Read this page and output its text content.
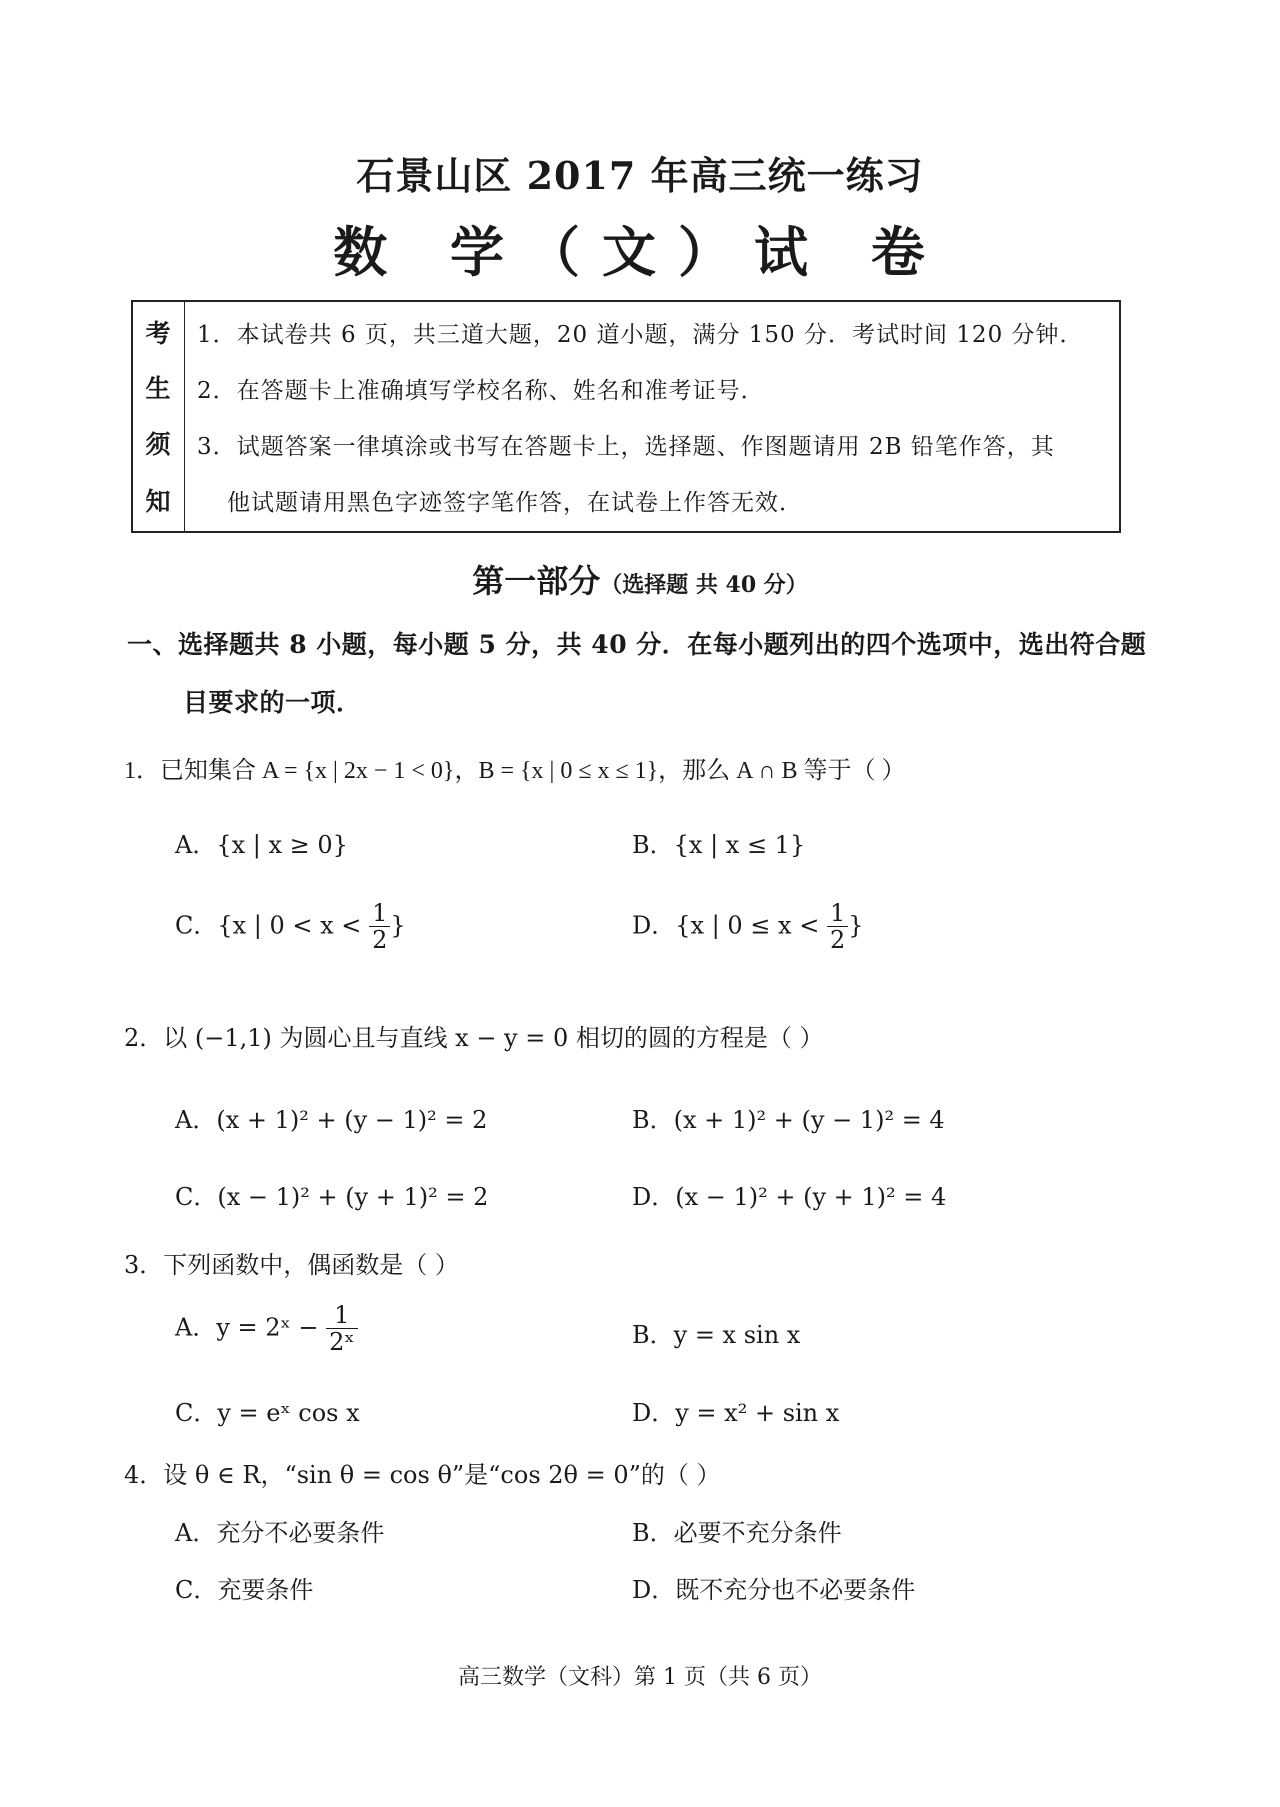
石景山区 2017 年高三统一练习
数 学（文）试 卷
考
生
须
知
1．本试卷共 6 页，共三道大题，20 道小题，满分 150 分．考试时间 120 分钟．
2．在答题卡上准确填写学校名称、姓名和准考证号．
3．试题答案一律填涂或书写在答题卡上，选择题、作图题请用 2B 铅笔作答，其
他试题请用黑色字迹签字笔作答，在试卷上作答无效．
第一部分（选择题 共 40 分）
一、选择题共 8 小题，每小题 5 分，共 40 分．在每小题列出的四个选项中，选出符合题
目要求的一项．
1．已知集合 A = {x | 2x − 1 < 0}，B = {x | 0 ≤ x ≤ 1}，那么 A ∩ B 等于（ ）
A．{x | x ≥ 0}	B．{x | x ≤ 1}
C．{x | $0 < x < \frac{1}{2}$ }	D．{x | $0 \le x < \frac{1}{2}$ }
2．以 (−1,1) 为圆心且与直线 x − y = 0 相切的圆的方程是（ ）
A．(x + 1)² + (y − 1)² = 2	B．(x + 1)² + (y − 1)² = 4
C．(x − 1)² + (y + 1)² = 2	D．(x − 1)² + (y + 1)² = 4
3．下列函数中，偶函数是（ ）
A．y = 2ˣ − $\frac{1}{\text{2ˣ}}$	B．y = x sin x
C．y = eˣ cos x	D．y = x² + sin x
4．设 θ ∈ R，“sin θ = cos θ”是“cos 2θ = 0”的（ ）
A．充分不必要条件	B．必要不充分条件
C．充要条件	D．既不充分也不必要条件
高三数学（文科）第 1 页（共 6 页）
